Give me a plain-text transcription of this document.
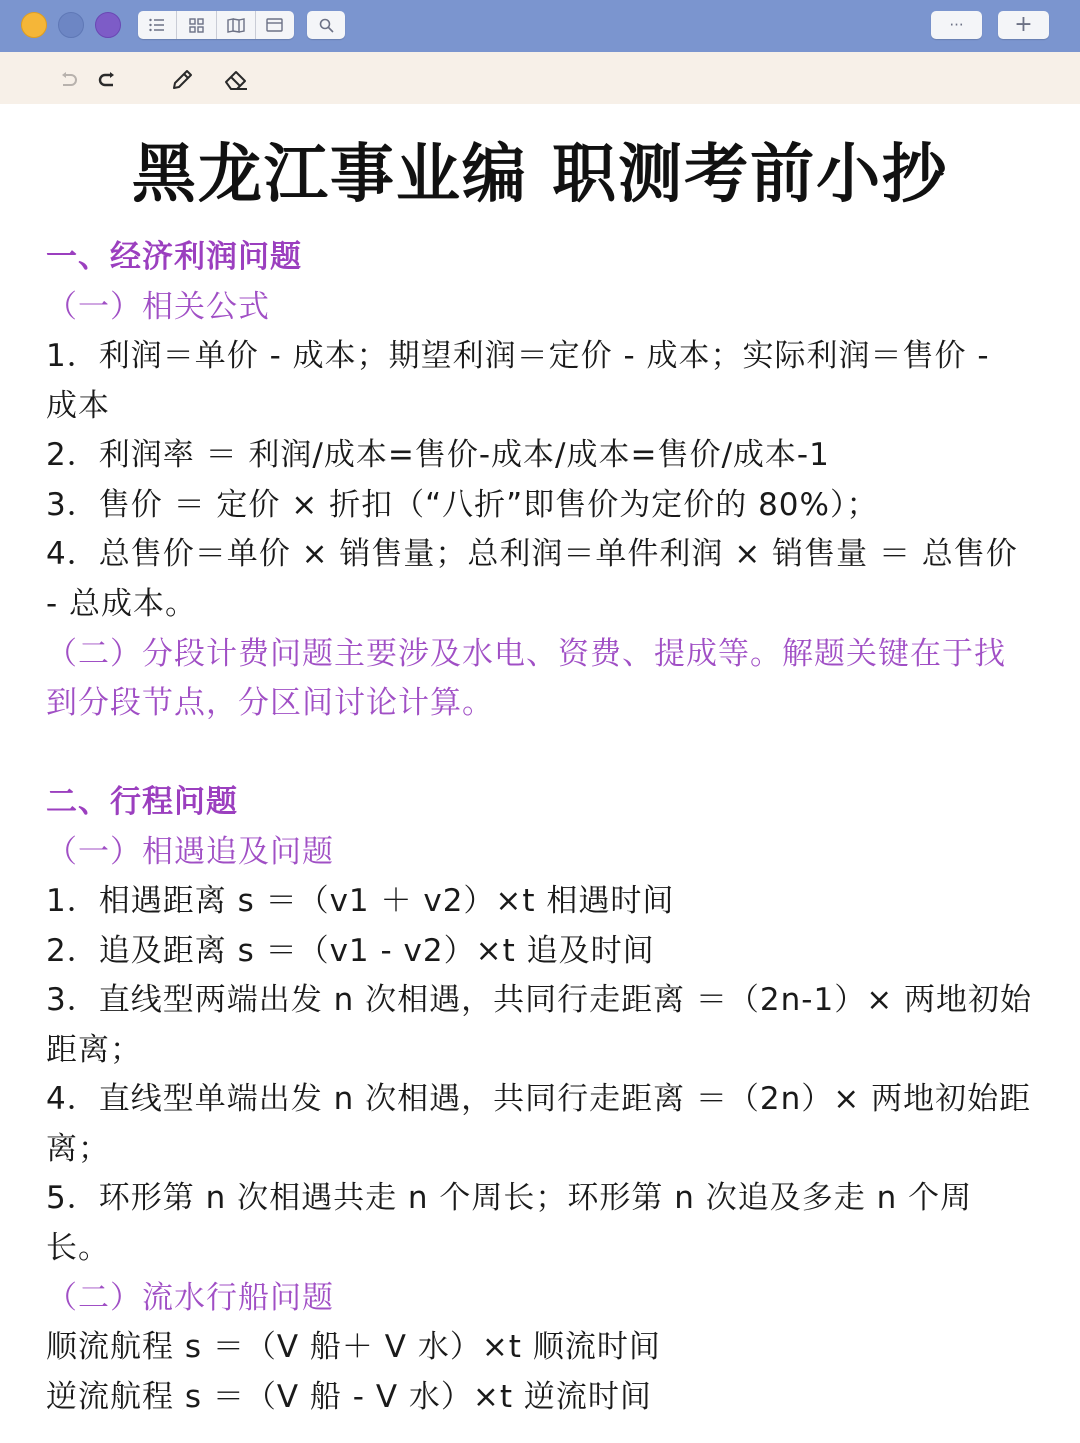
··· +
黑龙江事业编 职测考前小抄
一、经济利润问题
（一）相关公式
1．利润＝单价 - 成本；期望利润＝定价 - 成本；实际利润＝售价 -
成本
2．利润率 ＝ 利润/成本=售价-成本/成本=售价/成本-1
3．售价 ＝ 定价 × 折扣（“八折”即售价为定价的 80%）；
4．总售价＝单价 × 销售量；总利润＝单件利润 × 销售量 ＝ 总售价
- 总成本。
（二）分段计费问题主要涉及水电、资费、提成等。解题关键在于找
到分段节点，分区间讨论计算。
二、行程问题
（一）相遇追及问题
1．相遇距离 s ＝（v1 ＋ v2）×t 相遇时间
2．追及距离 s ＝（v1 - v2）×t 追及时间
3．直线型两端出发 n 次相遇，共同行走距离 ＝（2n-1）× 两地初始
距离；
4．直线型单端出发 n 次相遇，共同行走距离 ＝（2n）× 两地初始距
离；
5．环形第 n 次相遇共走 n 个周长；环形第 n 次追及多走 n 个周
长。
（二）流水行船问题
顺流航程 s ＝（V 船＋ V 水）×t 顺流时间
逆流航程 s ＝（V 船 - V 水）×t 逆流时间
